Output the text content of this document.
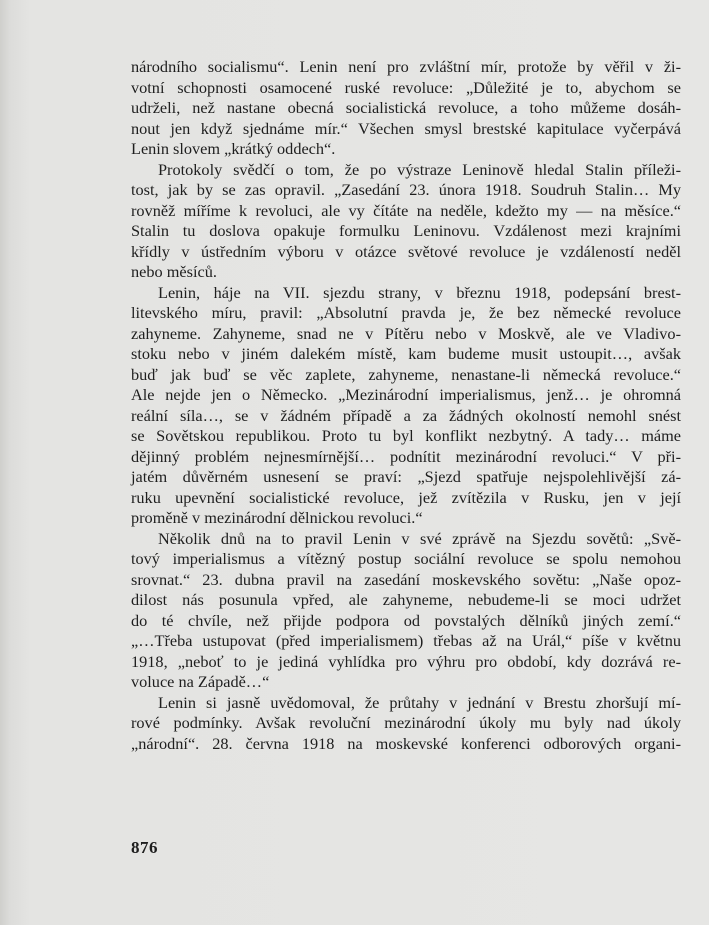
národního socialismu“. Lenin není pro zvláštní mír, protože by věřil v ži-
votní schopnosti osamocené ruské revoluce: „Důležité je to, abychom se
udrželi, než nastane obecná socialistická revoluce, a toho můžeme dosáh-
nout jen když sjednáme mír.“ Všechen smysl brestské kapitulace vyčerpává
Lenin slovem „krátký oddech“.
Protokoly svědčí o tom, že po výstraze Leninově hledal Stalin příleži-
tost, jak by se zas opravil. „Zasedání 23. února 1918. Soudruh Stalin… My
rovněž míříme k revoluci, ale vy čítáte na neděle, kdežto my — na měsíce.“
Stalin tu doslova opakuje formulku Leninovu. Vzdálenost mezi krajními
křídly v ústředním výboru v otázce světové revoluce je vzdáleností neděl
nebo měsíců.
Lenin, háje na VII. sjezdu strany, v březnu 1918, podepsání brest-
litevského míru, pravil: „Absolutní pravda je, že bez německé revoluce
zahyneme. Zahyneme, snad ne v Pítěru nebo v Moskvě, ale ve Vladivo-
stoku nebo v jiném dalekém místě, kam budeme musit ustoupit…, avšak
buď jak buď se věc zaplete, zahyneme, nenastane-li německá revoluce.“
Ale nejde jen o Německo. „Mezinárodní imperialismus, jenž… je ohromná
reální síla…, se v žádném případě a za žádných okolností nemohl snést
se Sovětskou republikou. Proto tu byl konflikt nezbytný. A tady… máme
dějinný problém nejnesmírnější… podnítit mezinárodní revoluci.“ V při-
jatém důvěrném usnesení se praví: „Sjezd spatřuje nejspolehlivější zá-
ruku upevnění socialistické revoluce, jež zvítězila v Rusku, jen v její
proměně v mezinárodní dělnickou revoluci.“
Několik dnů na to pravil Lenin v své zprávě na Sjezdu sovětů: „Svě-
tový imperialismus a vítězný postup sociální revoluce se spolu nemohou
srovnat.“ 23. dubna pravil na zasedání moskevského sovětu: „Naše opoz-
dilost nás posunula vpřed, ale zahyneme, nebudeme-li se moci udržet
do té chvíle, než přijde podpora od povstalých dělníků jiných zemí.“
„…Třeba ustupovat (před imperialismem) třebas až na Urál,“ píše v květnu
1918, „neboť to je jediná vyhlídka pro výhru pro období, kdy dozrává re-
voluce na Západě…“
Lenin si jasně uvědomoval, že průtahy v jednání v Brestu zhoršují mí-
rové podmínky. Avšak revoluční mezinárodní úkoly mu byly nad úkoly
„národní“. 28. června 1918 na moskevské konferenci odborových organi-
876
